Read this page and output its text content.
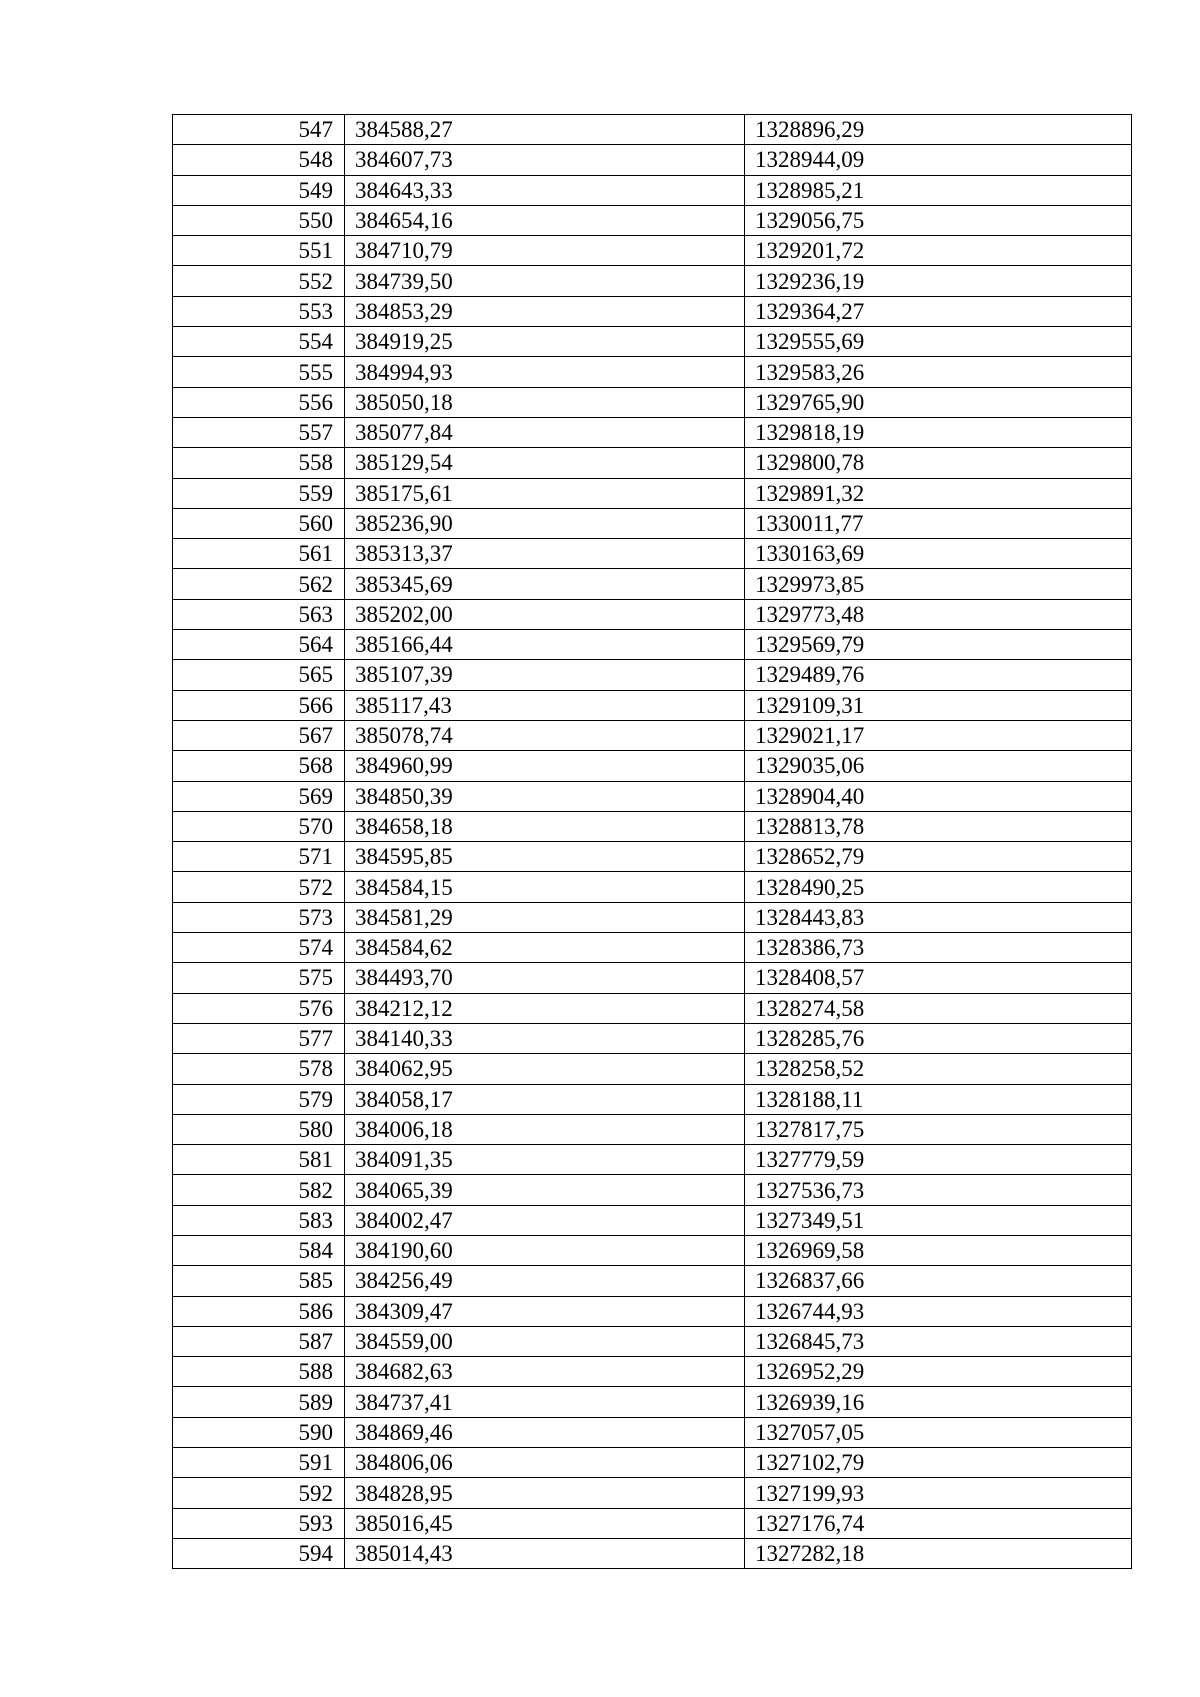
547	384588,27	1328896,29
548	384607,73	1328944,09
549	384643,33	1328985,21
550	384654,16	1329056,75
551	384710,79	1329201,72
552	384739,50	1329236,19
553	384853,29	1329364,27
554	384919,25	1329555,69
555	384994,93	1329583,26
556	385050,18	1329765,90
557	385077,84	1329818,19
558	385129,54	1329800,78
559	385175,61	1329891,32
560	385236,90	1330011,77
561	385313,37	1330163,69
562	385345,69	1329973,85
563	385202,00	1329773,48
564	385166,44	1329569,79
565	385107,39	1329489,76
566	385117,43	1329109,31
567	385078,74	1329021,17
568	384960,99	1329035,06
569	384850,39	1328904,40
570	384658,18	1328813,78
571	384595,85	1328652,79
572	384584,15	1328490,25
573	384581,29	1328443,83
574	384584,62	1328386,73
575	384493,70	1328408,57
576	384212,12	1328274,58
577	384140,33	1328285,76
578	384062,95	1328258,52
579	384058,17	1328188,11
580	384006,18	1327817,75
581	384091,35	1327779,59
582	384065,39	1327536,73
583	384002,47	1327349,51
584	384190,60	1326969,58
585	384256,49	1326837,66
586	384309,47	1326744,93
587	384559,00	1326845,73
588	384682,63	1326952,29
589	384737,41	1326939,16
590	384869,46	1327057,05
591	384806,06	1327102,79
592	384828,95	1327199,93
593	385016,45	1327176,74
594	385014,43	1327282,18
